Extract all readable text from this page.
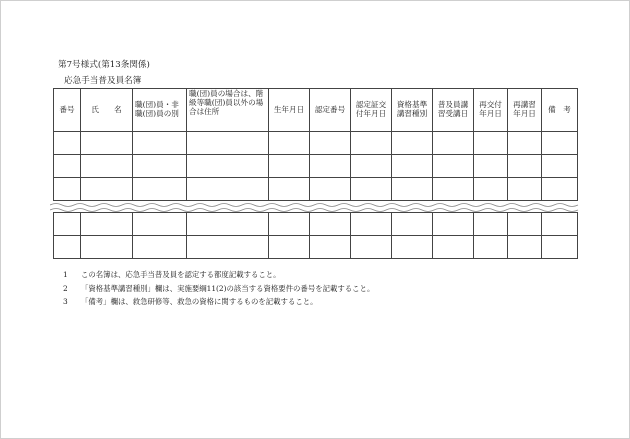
第7号様式(第13条関係)
応急手当普及員名簿
番号	氏　　名	職(団)員・非職(団)員の別	職(団)員の場合は、階級等職(団)員以外の場合は住所	生年月日	認定番号	認定証交付年月日	資格基準講習種別	普及員講習受講日	再交付年月日	再講習年月日	備　考

1	この名簿は、応急手当普及員を認定する都度記載すること。
2	「資格基準講習種別」欄は、実施要綱11(2)の該当する資格要件の番号を記載すること。
3	「備考」欄は、救急研修等、救急の資格に関するものを記載すること。
